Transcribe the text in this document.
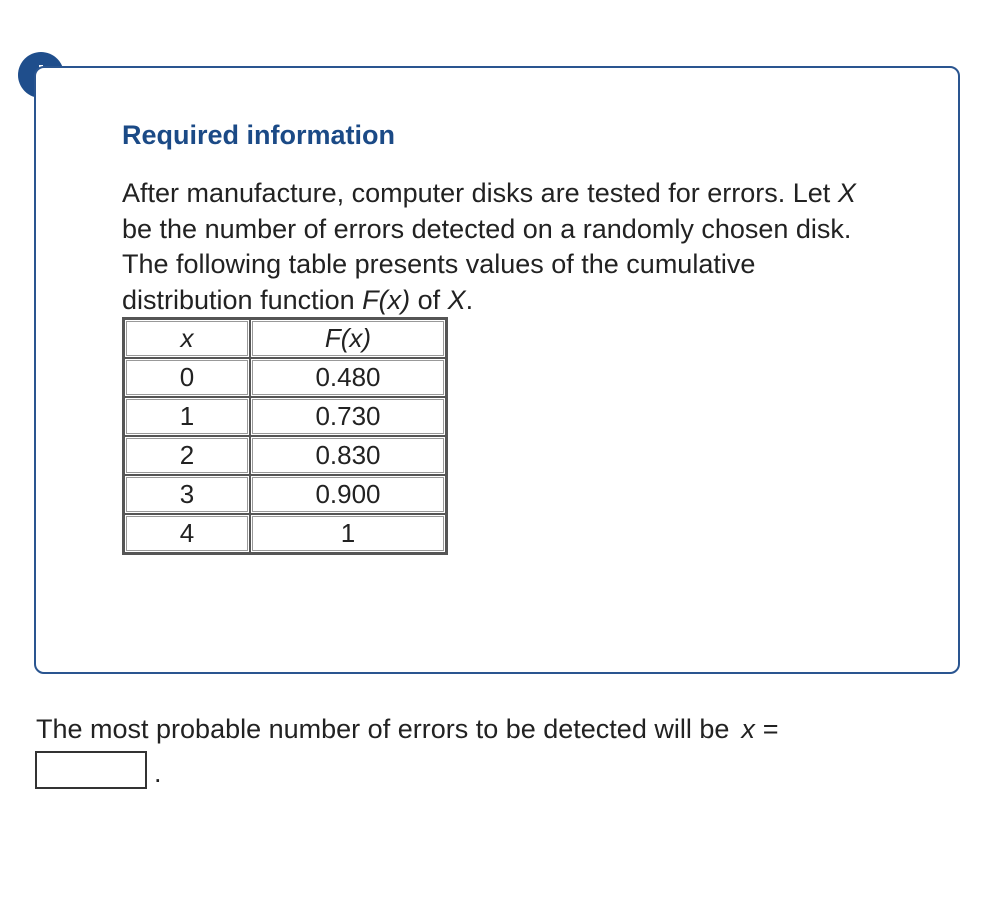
Required information

After manufacture, computer disks are tested for errors. Let X be the number of errors detected on a randomly chosen disk. The following table presents values of the cumulative distribution function F(x) of X.

x	F(x)
0	0.480
1	0.730
2	0.830
3	0.900
4	1

The most probable number of errors to be detected will be x =

.
